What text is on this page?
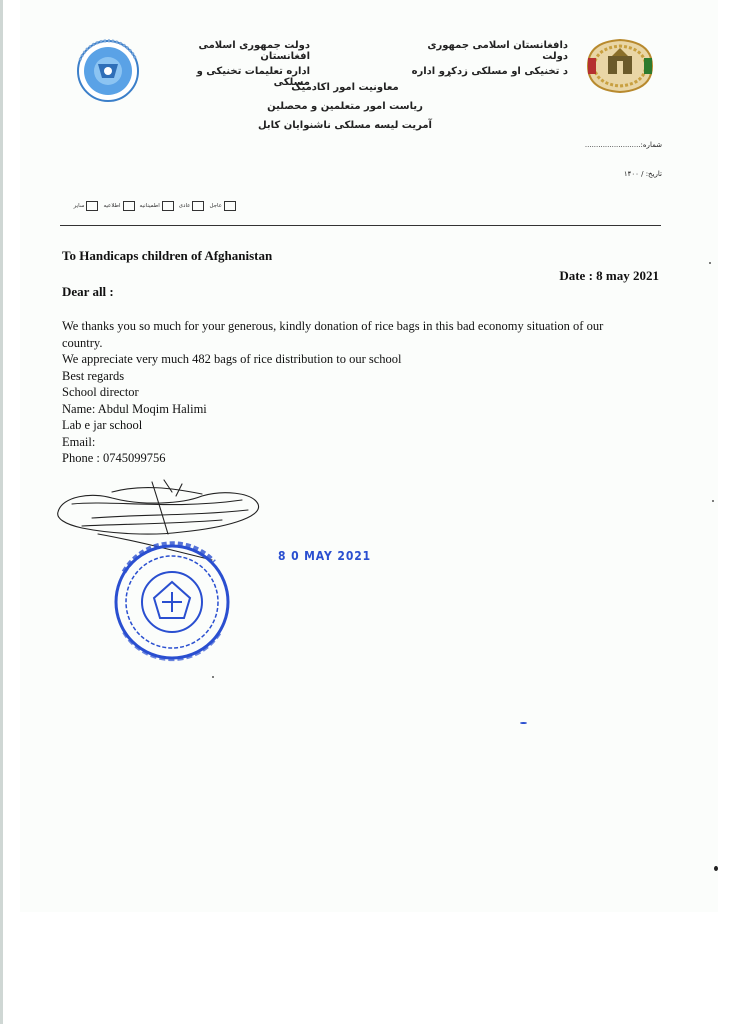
دولت جمهوری اسلامی افغانستان
اداره تعلیمات تخنیکی و مسلکی
دافغانستان اسلامی جمهوری دولت
د تخنیکی او مسلکی زدکړو اداره
معاونیت امور اکادمیک
ریاست امور متعلمین و محصلین
آمریت لیسه مسلکی ناشنوایان کابل
شماره:.........................
تاریخ: / ۱۴۰۰
عاجل
عادی
اطمینانیه
اطلاعیه
سایر
To Handicaps children of Afghanistan
Date : 8 may 2021
Dear all :
We thanks you so much for your generous, kindly donation of rice bags in this bad economy situation of our
country.
We appreciate very much 482 bags of rice distribution to our school
Best regards
School director
Name: Abdul Moqim Halimi
Lab e jar school
Email:
Phone : 0745099756
8 0 MAY 2021
